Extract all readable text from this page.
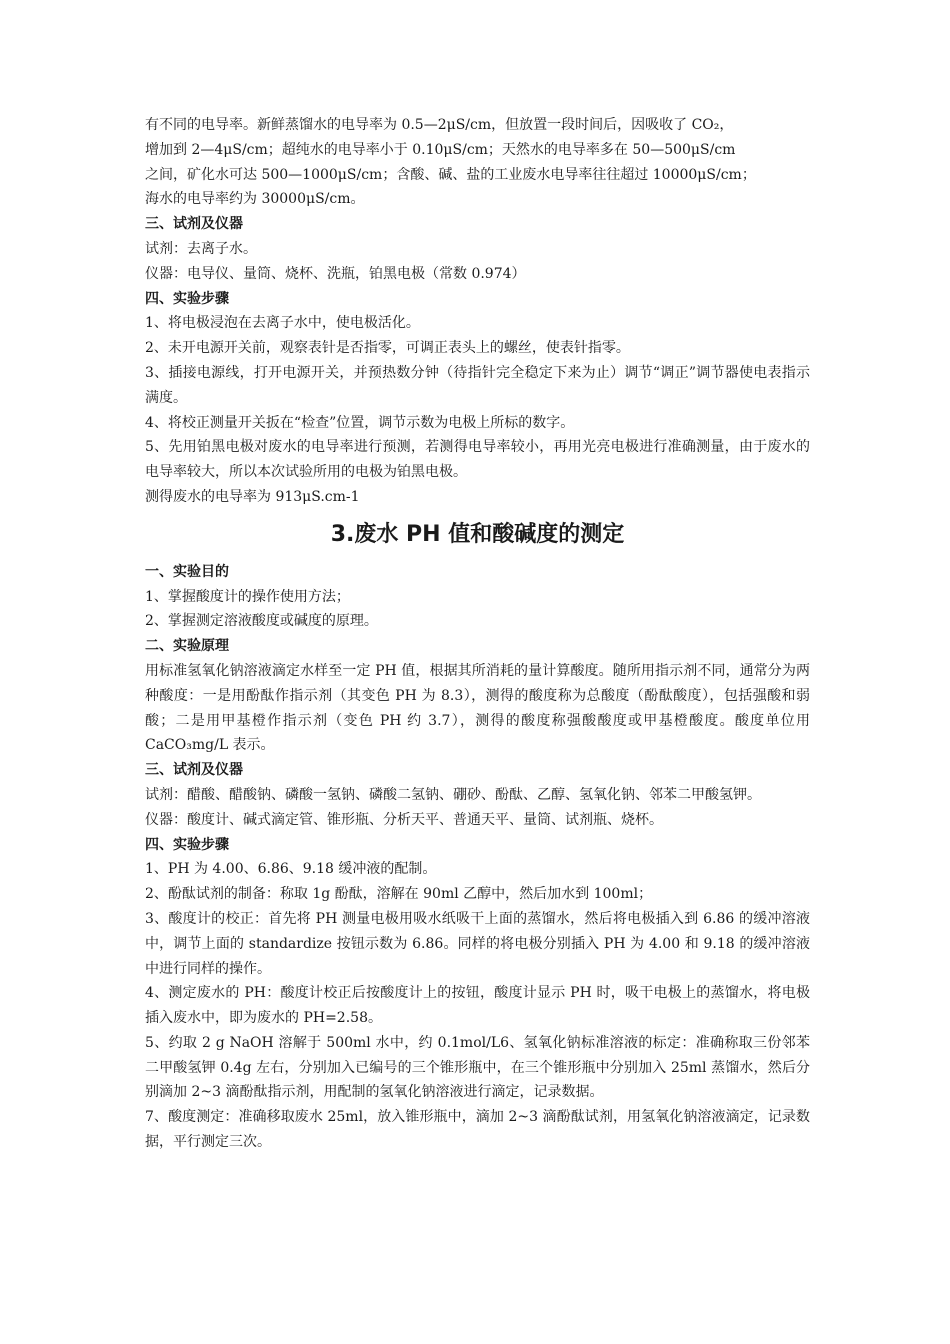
有不同的电导率。新鲜蒸馏水的电导率为 0.5—2μS/cm，但放置一段时间后，因吸收了 CO₂，

增加到 2—4μS/cm；超纯水的电导率小于 0.10μS/cm；天然水的电导率多在 50—500μS/cm

之间，矿化水可达 500—1000μS/cm；含酸、碱、盐的工业废水电导率往往超过 10000μS/cm；

海水的电导率约为 30000μS/cm。

三、试剂及仪器

试剂：去离子水。

仪器：电导仪、量筒、烧杯、洗瓶，铂黑电极（常数 0.974）

四、实验步骤

1、将电极浸泡在去离子水中，使电极活化。

2、未开电源开关前，观察表针是否指零，可调正表头上的螺丝，使表针指零。

3、插接电源线，打开电源开关，并预热数分钟（待指针完全稳定下来为止）调节“调正”调节器使电表指示满度。

4、将校正测量开关扳在“检查”位置，调节示数为电极上所标的数字。

5、先用铂黑电极对废水的电导率进行预测，若测得电导率较小，再用光亮电极进行准确测量，由于废水的电导率较大，所以本次试验所用的电极为铂黑电极。

测得废水的电导率为 913μS.cm-1

3.废水 PH 值和酸碱度的测定

一、实验目的

1、掌握酸度计的操作使用方法；

2、掌握测定溶液酸度或碱度的原理。

二、实验原理

用标准氢氧化钠溶液滴定水样至一定 PH 值，根据其所消耗的量计算酸度。随所用指示剂不同，通常分为两种酸度：一是用酚酞作指示剂（其变色 PH 为 8.3），测得的酸度称为总酸度（酚酞酸度），包括强酸和弱酸；二是用甲基橙作指示剂（变色 PH 约 3.7），测得的酸度称强酸酸度或甲基橙酸度。酸度单位用 CaCO₃mg/L 表示。

三、试剂及仪器

试剂：醋酸、醋酸钠、磷酸一氢钠、磷酸二氢钠、硼砂、酚酞、乙醇、氢氧化钠、邻苯二甲酸氢钾。

仪器：酸度计、碱式滴定管、锥形瓶、分析天平、普通天平、量筒、试剂瓶、烧杯。

四、实验步骤

1、PH 为 4.00、6.86、9.18 缓冲液的配制。

2、酚酞试剂的制备：称取 1g 酚酞，溶解在 90ml 乙醇中，然后加水到 100ml；

3、酸度计的校正：首先将 PH 测量电极用吸水纸吸干上面的蒸馏水，然后将电极插入到 6.86 的缓冲溶液中，调节上面的 standardize 按钮示数为 6.86。同样的将电极分别插入 PH 为 4.00 和 9.18 的缓冲溶液中进行同样的操作。

4、测定废水的 PH：酸度计校正后按酸度计上的按钮，酸度计显示 PH 时，吸干电极上的蒸馏水，将电极插入废水中，即为废水的 PH=2.58。

5、约取 2 g NaOH 溶解于 500ml 水中，约 0.1mol/L6、氢氧化钠标准溶液的标定：准确称取三份邻苯二甲酸氢钾 0.4g 左右，分别加入已编号的三个锥形瓶中，在三个锥形瓶中分别加入 25ml 蒸馏水，然后分别滴加 2~3 滴酚酞指示剂，用配制的氢氧化钠溶液进行滴定，记录数据。

7、酸度测定：准确移取废水 25ml，放入锥形瓶中，滴加 2~3 滴酚酞试剂，用氢氧化钠溶液滴定，记录数据，平行测定三次。
